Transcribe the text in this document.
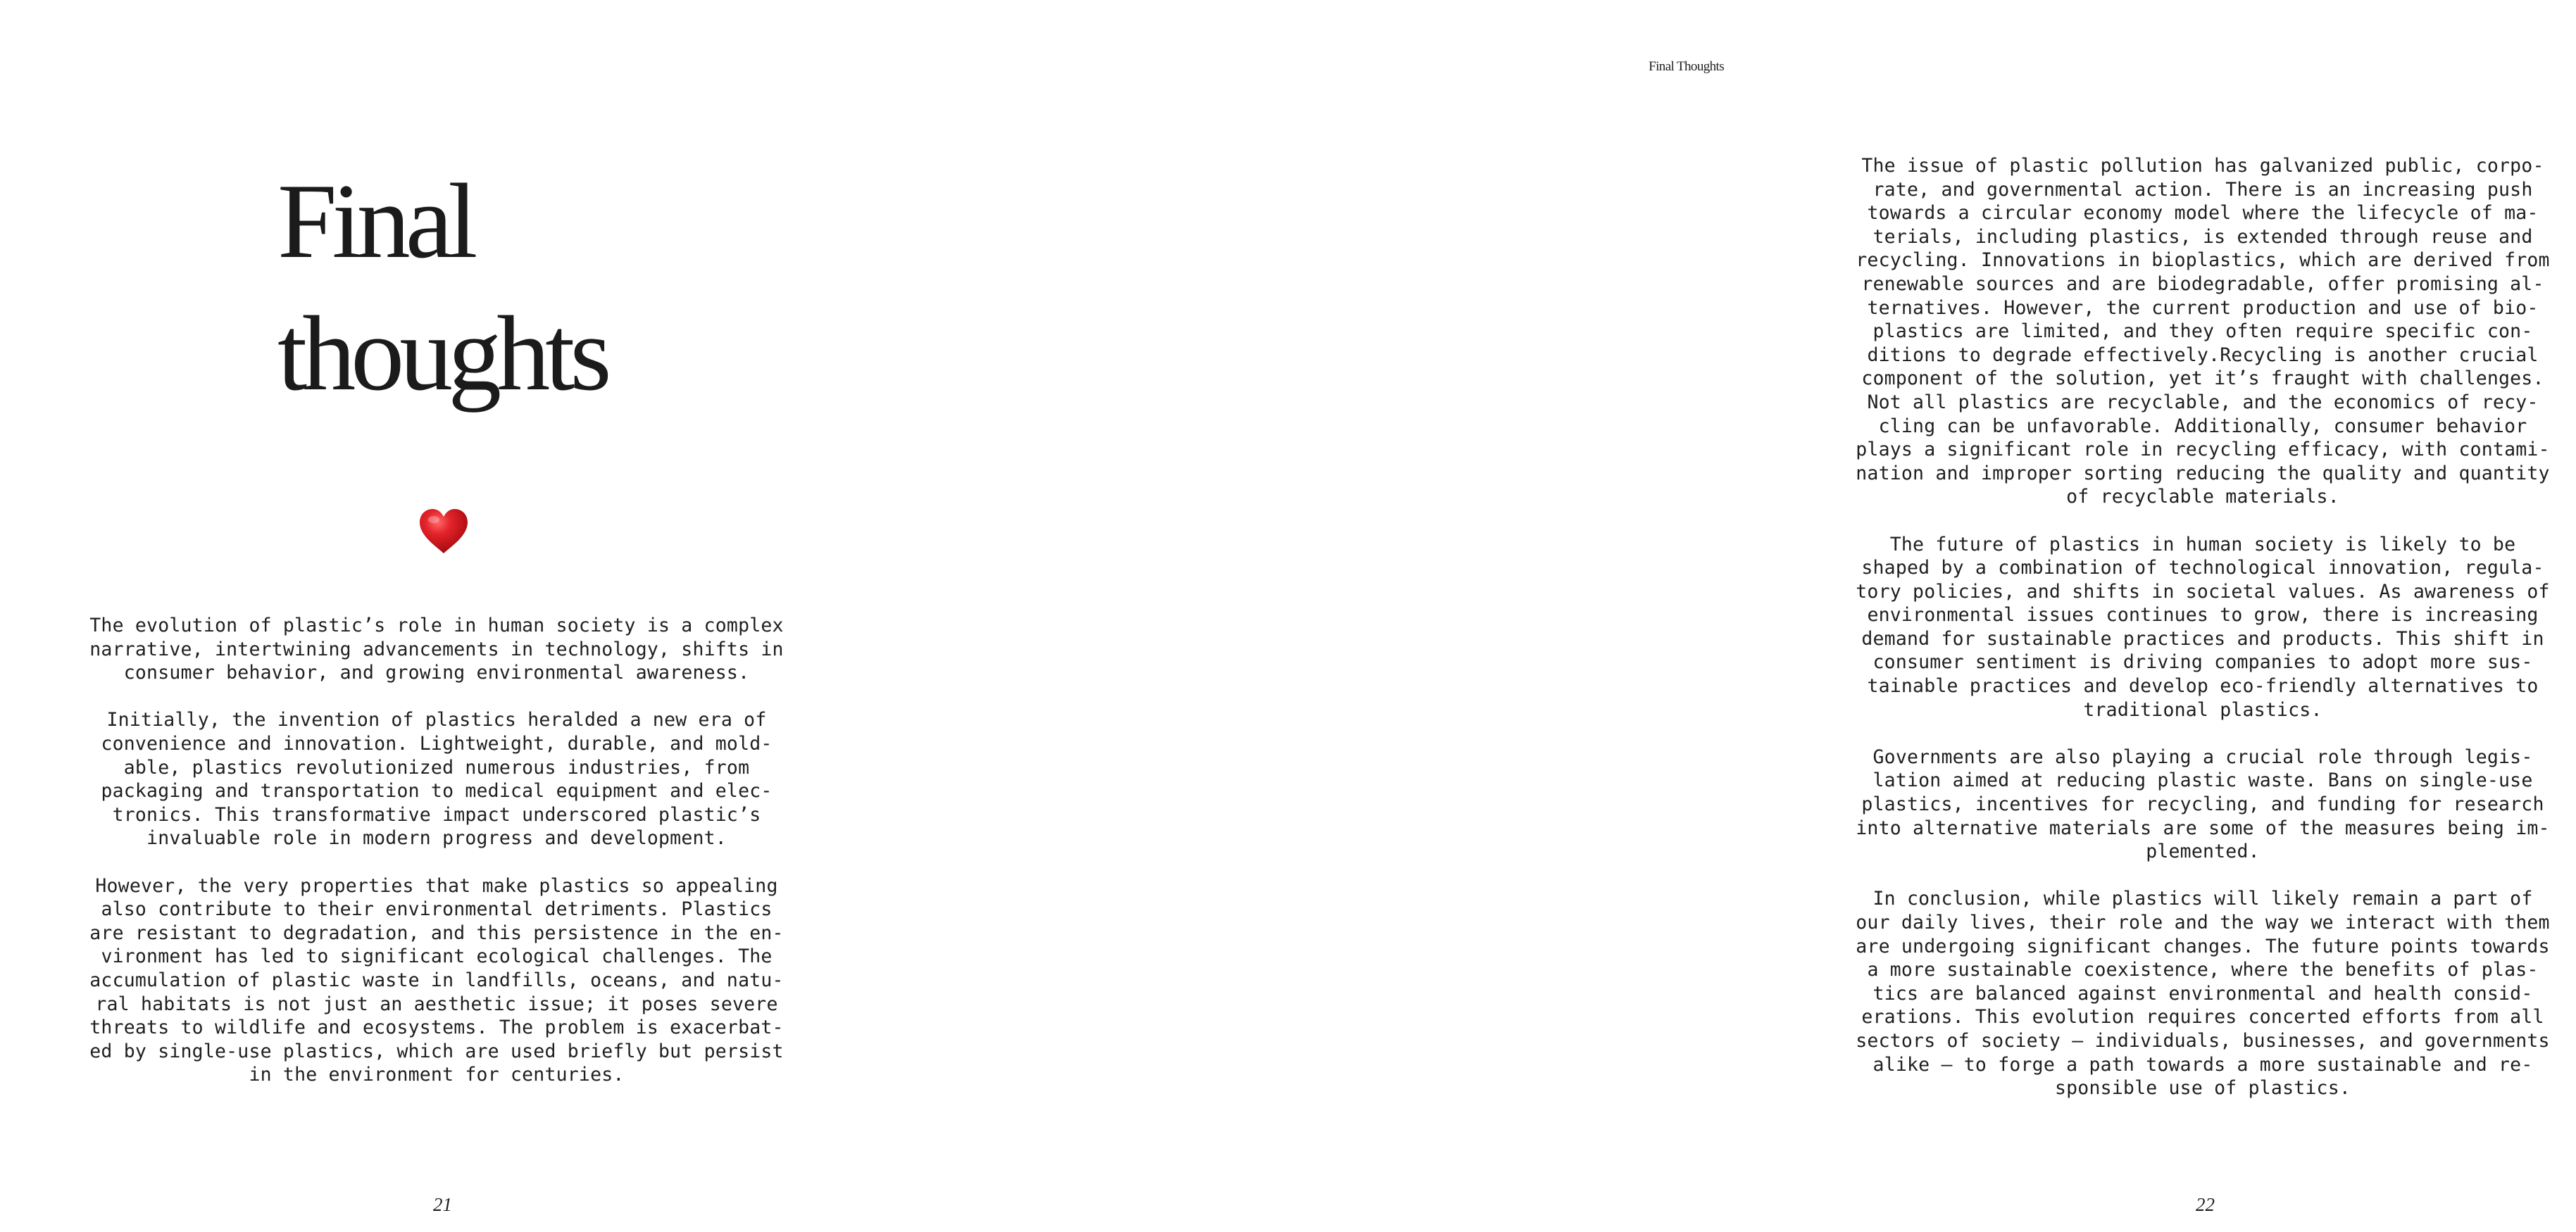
Final
thoughts

The evolution of plastic’s role in human society is a complex
narrative, intertwining advancements in technology, shifts in
consumer behavior, and growing environmental awareness.

Initially, the invention of plastics heralded a new era of
convenience and innovation. Lightweight, durable, and mold-
able, plastics revolutionized numerous industries, from
packaging and transportation to medical equipment and elec-
tronics. This transformative impact underscored plastic’s
invaluable role in modern progress and development.

However, the very properties that make plastics so appealing
also contribute to their environmental detriments. Plastics
are resistant to degradation, and this persistence in the en-
vironment has led to significant ecological challenges. The
accumulation of plastic waste in landfills, oceans, and natu-
ral habitats is not just an aesthetic issue; it poses severe
threats to wildlife and ecosystems. The problem is exacerbat-
ed by single-use plastics, which are used briefly but persist
in the environment for centuries.

21
Final Thoughts

The issue of plastic pollution has galvanized public, corpo-
rate, and governmental action. There is an increasing push
towards a circular economy model where the lifecycle of ma-
terials, including plastics, is extended through reuse and
recycling. Innovations in bioplastics, which are derived from
renewable sources and are biodegradable, offer promising al-
ternatives. However, the current production and use of bio-
plastics are limited, and they often require specific con-
ditions to degrade effectively.Recycling is another crucial
component of the solution, yet it’s fraught with challenges.
Not all plastics are recyclable, and the economics of recy-
cling can be unfavorable. Additionally, consumer behavior
plays a significant role in recycling efficacy, with contami-
nation and improper sorting reducing the quality and quantity
of recyclable materials.

The future of plastics in human society is likely to be
shaped by a combination of technological innovation, regula-
tory policies, and shifts in societal values. As awareness of
environmental issues continues to grow, there is increasing
demand for sustainable practices and products. This shift in
consumer sentiment is driving companies to adopt more sus-
tainable practices and develop eco-friendly alternatives to
traditional plastics.

Governments are also playing a crucial role through legis-
lation aimed at reducing plastic waste. Bans on single-use
plastics, incentives for recycling, and funding for research
into alternative materials are some of the measures being im-
plemented.

In conclusion, while plastics will likely remain a part of
our daily lives, their role and the way we interact with them
are undergoing significant changes. The future points towards
a more sustainable coexistence, where the benefits of plas-
tics are balanced against environmental and health consid-
erations. This evolution requires concerted efforts from all
sectors of society – individuals, businesses, and governments
alike – to forge a path towards a more sustainable and re-
sponsible use of plastics.

22
